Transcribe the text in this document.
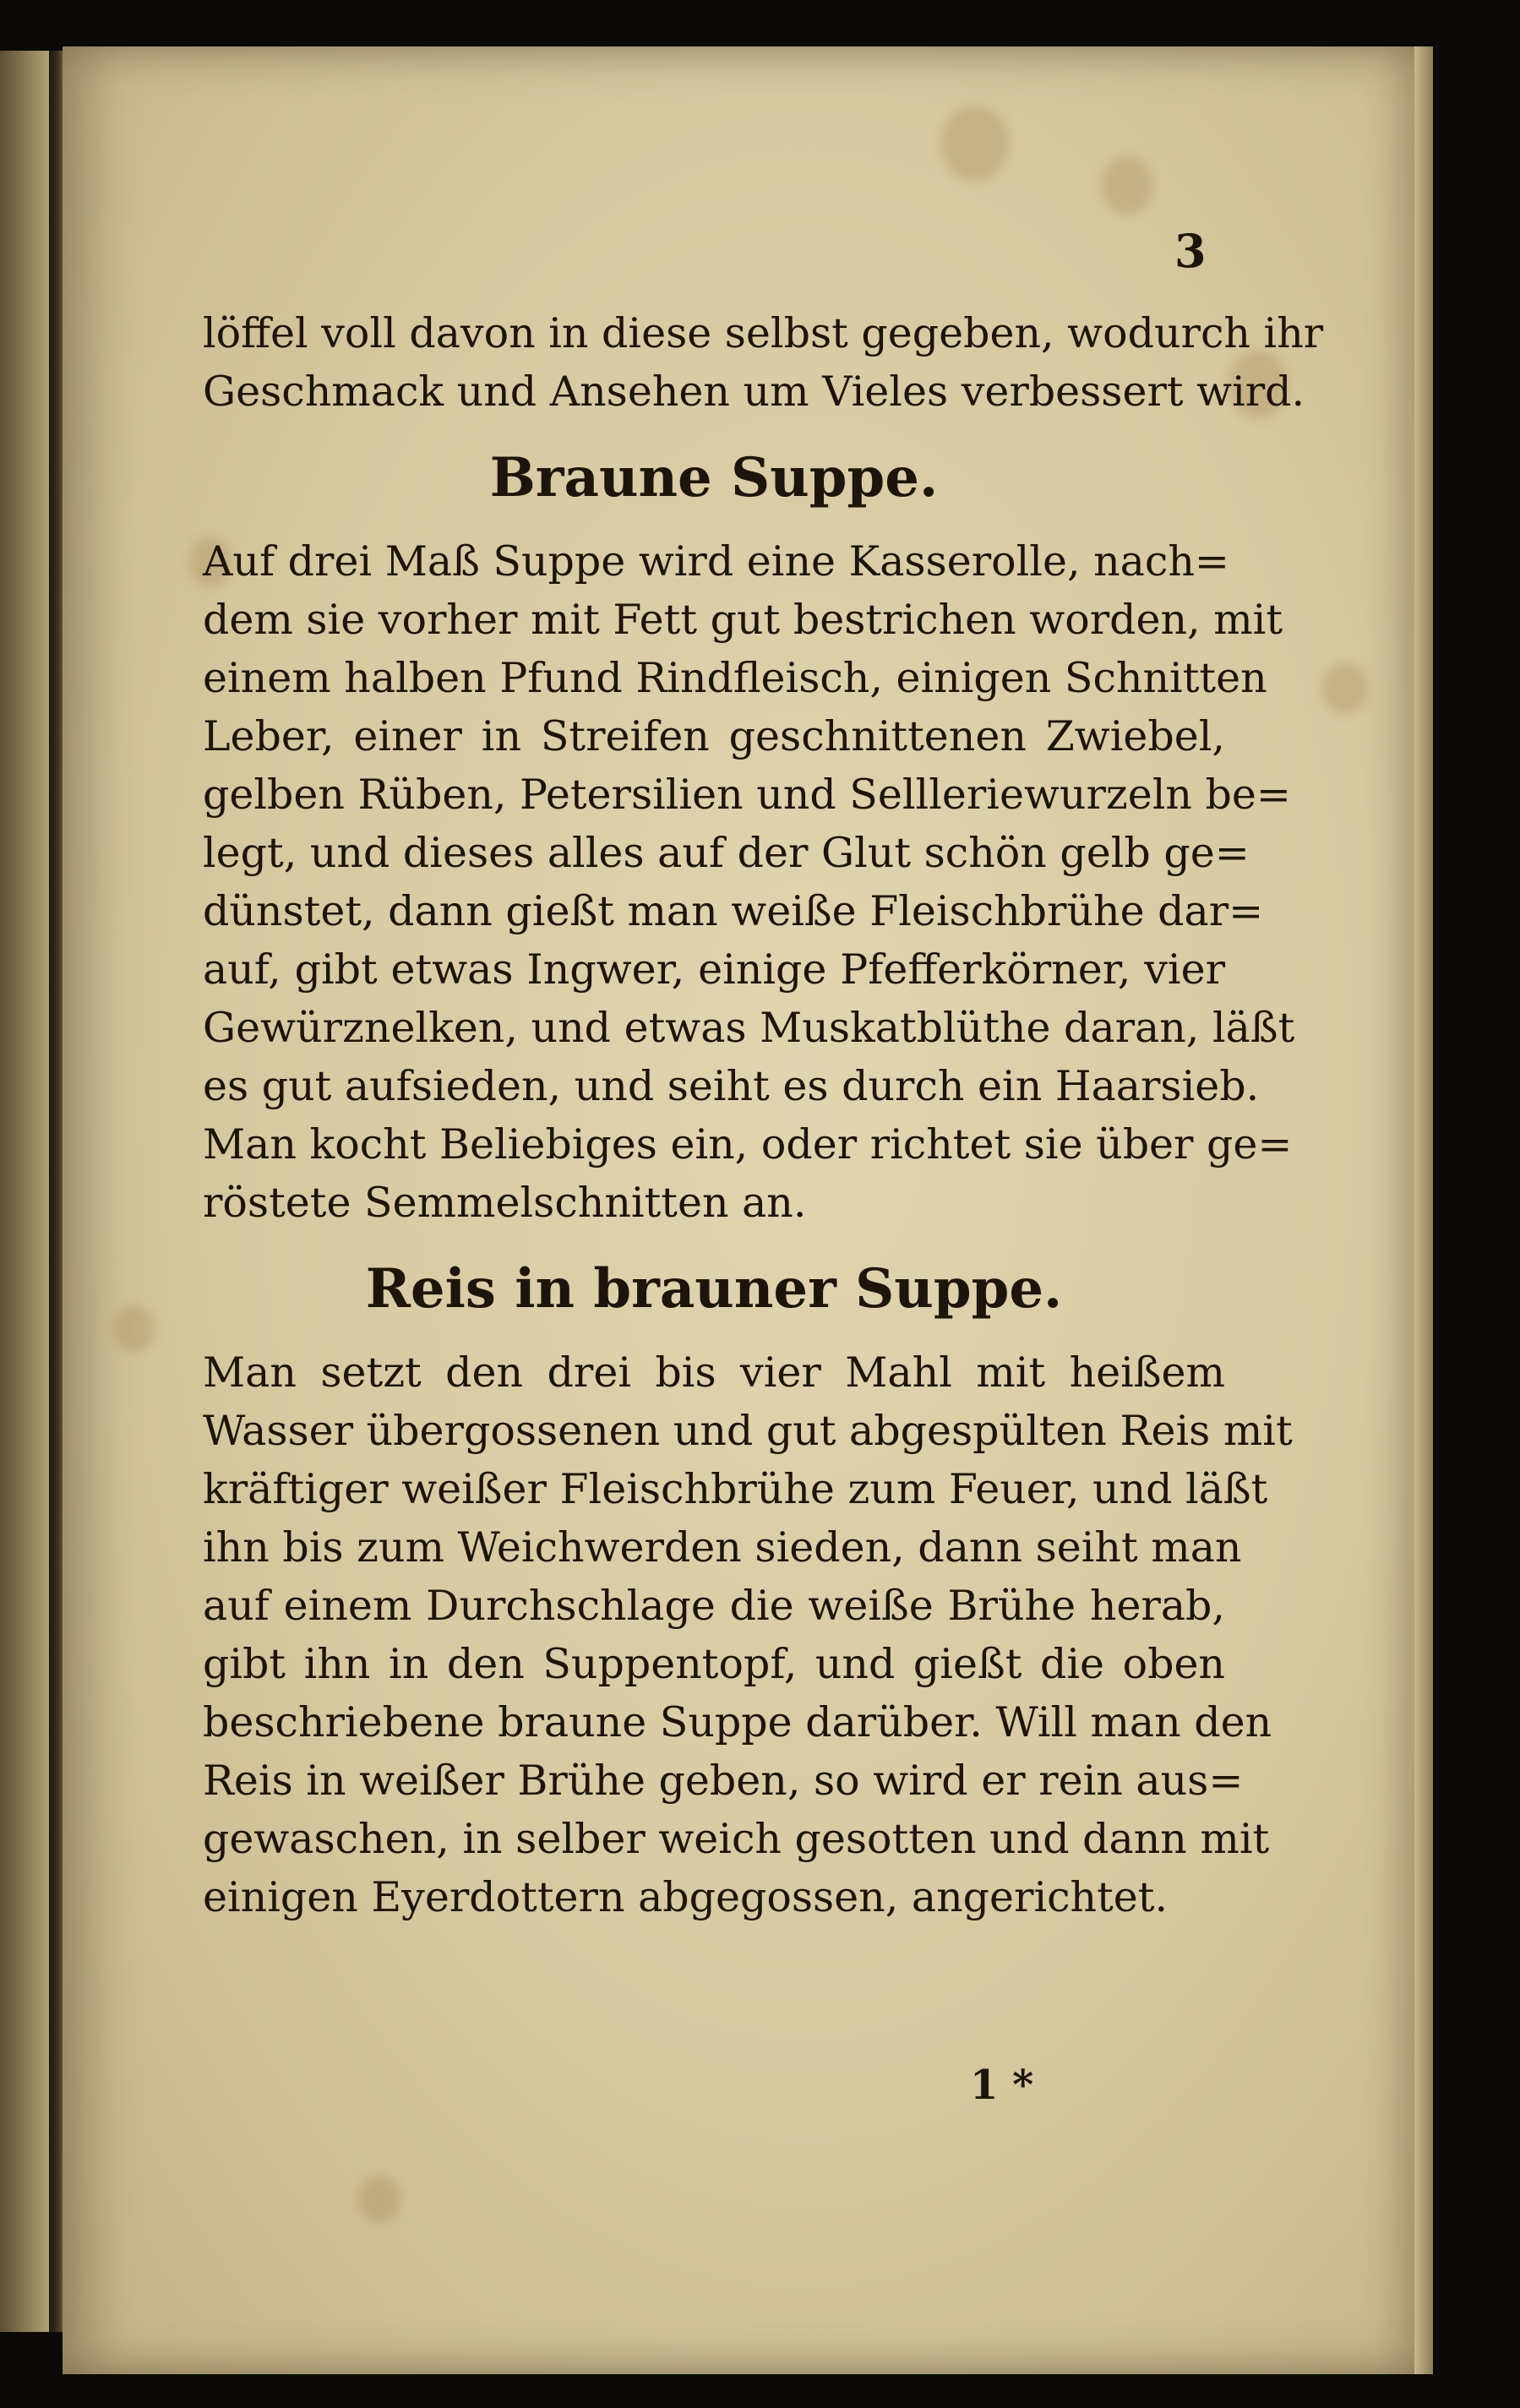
3
löffel voll davon in diese selbst gegeben, wodurch ihr
Geschmack und Ansehen um Vieles verbessert wird.
Braune Suppe.
Auf drei Maß Suppe wird eine Kasserolle, nach=
dem sie vorher mit Fett gut bestrichen worden, mit
einem halben Pfund Rindfleisch, einigen Schnitten
Leber, einer in Streifen geschnittenen Zwiebel,
gelben Rüben, Petersilien und Sellleriewurzeln be=
legt, und dieses alles auf der Glut schön gelb ge=
dünstet, dann gießt man weiße Fleischbrühe dar=
auf, gibt etwas Ingwer, einige Pfefferkörner, vier
Gewürznelken, und etwas Muskatblüthe daran, läßt
es gut aufsieden, und seiht es durch ein Haarsieb.
Man kocht Beliebiges ein, oder richtet sie über ge=
röstete Semmelschnitten an.
Reis in brauner Suppe.
Man setzt den drei bis vier Mahl mit heißem
Wasser übergossenen und gut abgespülten Reis mit
kräftiger weißer Fleischbrühe zum Feuer, und läßt
ihn bis zum Weichwerden sieden, dann seiht man
auf einem Durchschlage die weiße Brühe herab,
gibt ihn in den Suppentopf, und gießt die oben
beschriebene braune Suppe darüber. Will man den
Reis in weißer Brühe geben, so wird er rein aus=
gewaschen, in selber weich gesotten und dann mit
einigen Eyerdottern abgegossen, angerichtet.
1 *
